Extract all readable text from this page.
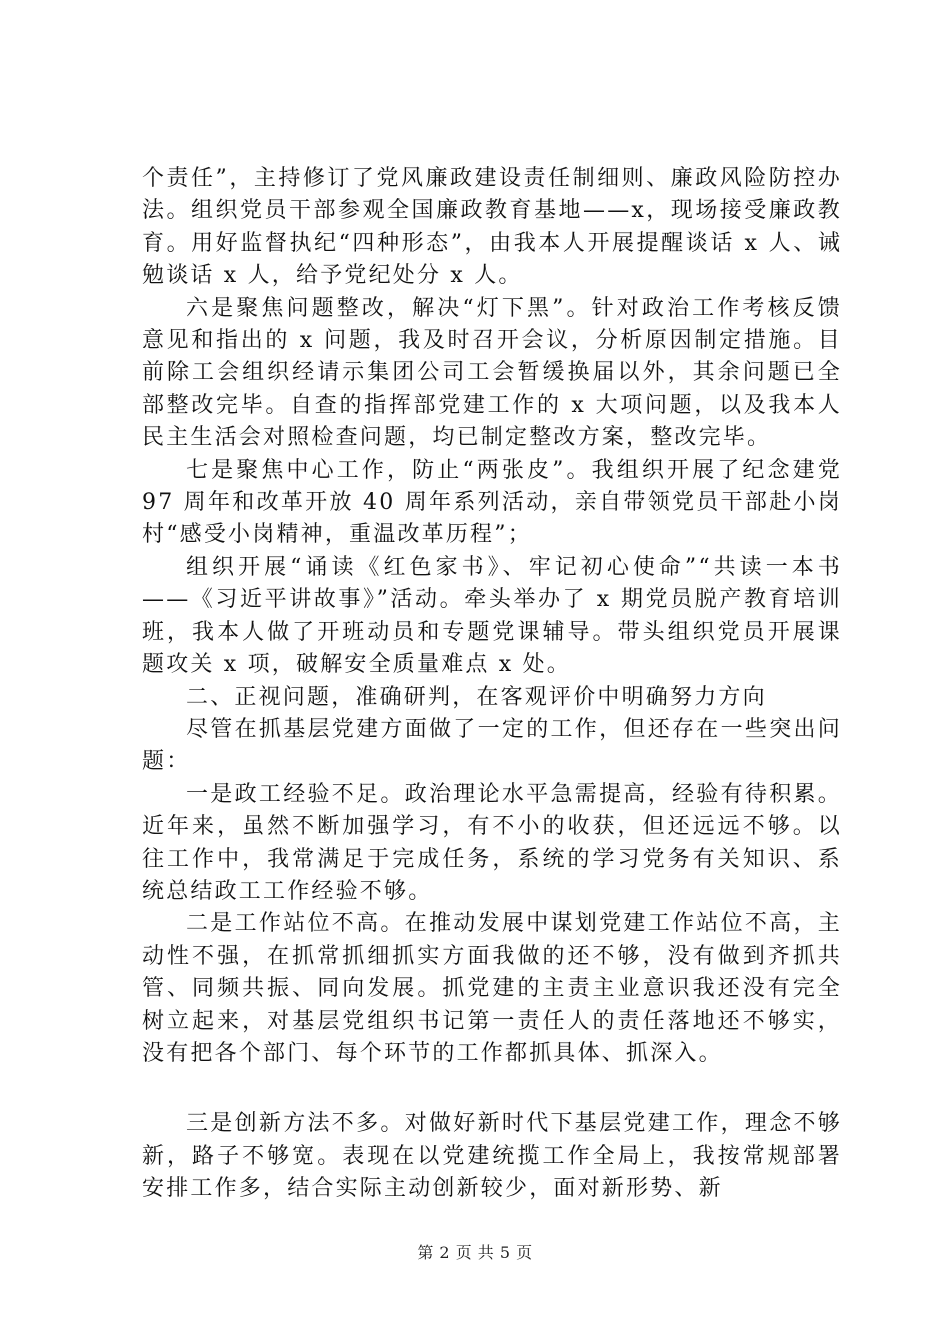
个责任”，主持修订了党风廉政建设责任制细则、廉政风险防控办法。组织党员干部参观全国廉政教育基地——x，现场接受廉政教育。用好监督执纪“四种形态”，由我本人开展提醒谈话 x 人、诫勉谈话 x 人，给予党纪处分 x 人。

六是聚焦问题整改，解决“灯下黑”。针对政治工作考核反馈意见和指出的 x 问题，我及时召开会议，分析原因制定措施。目前除工会组织经请示集团公司工会暂缓换届以外，其余问题已全部整改完毕。自查的指挥部党建工作的 x 大项问题，以及我本人民主生活会对照检查问题，均已制定整改方案，整改完毕。

七是聚焦中心工作，防止“两张皮”。我组织开展了纪念建党 97 周年和改革开放 40 周年系列活动，亲自带领党员干部赴小岗村“感受小岗精神，重温改革历程”；

组织开展“诵读《红色家书》、牢记初心使命”“共读一本书——《习近平讲故事》”活动。牵头举办了 x 期党员脱产教育培训班，我本人做了开班动员和专题党课辅导。带头组织党员开展课题攻关 x 项，破解安全质量难点 x 处。

二、正视问题，准确研判，在客观评价中明确努力方向

尽管在抓基层党建方面做了一定的工作，但还存在一些突出问题：

一是政工经验不足。政治理论水平急需提高，经验有待积累。近年来，虽然不断加强学习，有不小的收获，但还远远不够。以往工作中，我常满足于完成任务，系统的学习党务有关知识、系统总结政工工作经验不够。

二是工作站位不高。在推动发展中谋划党建工作站位不高，主动性不强，在抓常抓细抓实方面我做的还不够，没有做到齐抓共管、同频共振、同向发展。抓党建的主责主业意识我还没有完全树立起来，对基层党组织书记第一责任人的责任落地还不够实，没有把各个部门、每个环节的工作都抓具体、抓深入。

三是创新方法不多。对做好新时代下基层党建工作，理念不够新，路子不够宽。表现在以党建统揽工作全局上，我按常规部署安排工作多，结合实际主动创新较少，面对新形势、新

第 2 页 共 5 页
